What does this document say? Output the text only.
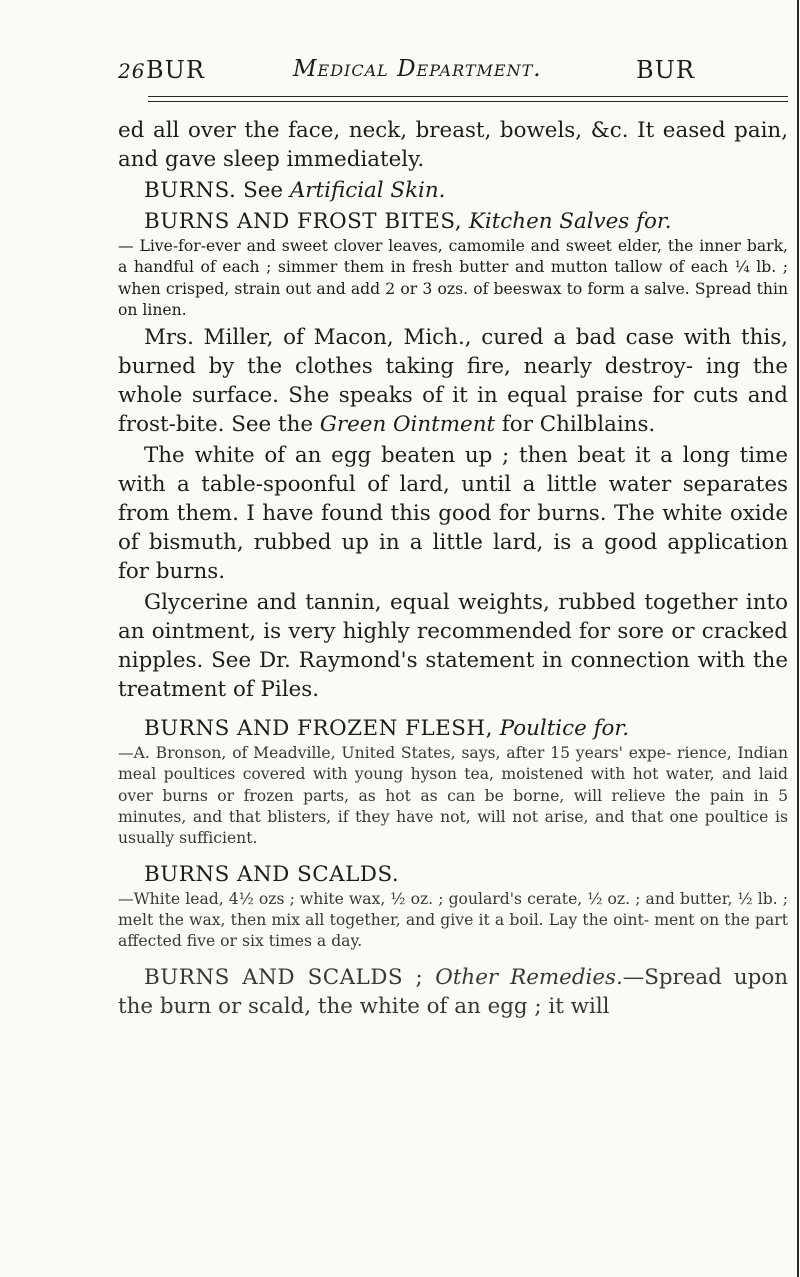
26 BUR	Medical Department.	BUR

ed all over the face, neck, breast, bowels, &c. It eased pain, and gave sleep immediately.

BURNS. See Artificial Skin.

BURNS AND FROST BITES, Kitchen Salves for.

— Live-for-ever and sweet clover leaves, camomile and sweet elder, the inner bark, a handful of each ; simmer them in fresh butter and mutton tallow of each ¼ lb. ; when crisped, strain out and add 2 or 3 ozs. of beeswax to form a salve. Spread thin on linen.

Mrs. Miller, of Macon, Mich., cured a bad case with this, burned by the clothes taking fire, nearly destroy- ing the whole surface. She speaks of it in equal praise for cuts and frost-bite. See the Green Ointment for Chilblains.

The white of an egg beaten up ; then beat it a long time with a table-spoonful of lard, until a little water separates from them. I have found this good for burns. The white oxide of bismuth, rubbed up in a little lard, is a good application for burns.

Glycerine and tannin, equal weights, rubbed together into an ointment, is very highly recommended for sore or cracked nipples. See Dr. Raymond's statement in connection with the treatment of Piles.

BURNS AND FROZEN FLESH, Poultice for.

—A. Bronson, of Meadville, United States, says, after 15 years' expe- rience, Indian meal poultices covered with young hyson tea, moistened with hot water, and laid over burns or frozen parts, as hot as can be borne, will relieve the pain in 5 minutes, and that blisters, if they have not, will not arise, and that one poultice is usually sufficient.

BURNS AND SCALDS.

—White lead, 4½ ozs ; white wax, ½ oz. ; goulard's cerate, ½ oz. ; and butter, ½ lb. ; melt the wax, then mix all together, and give it a boil. Lay the oint- ment on the part affected five or six times a day.

BURNS AND SCALDS ; Other Remedies.—Spread upon the burn or scald, the white of an egg ; it will
